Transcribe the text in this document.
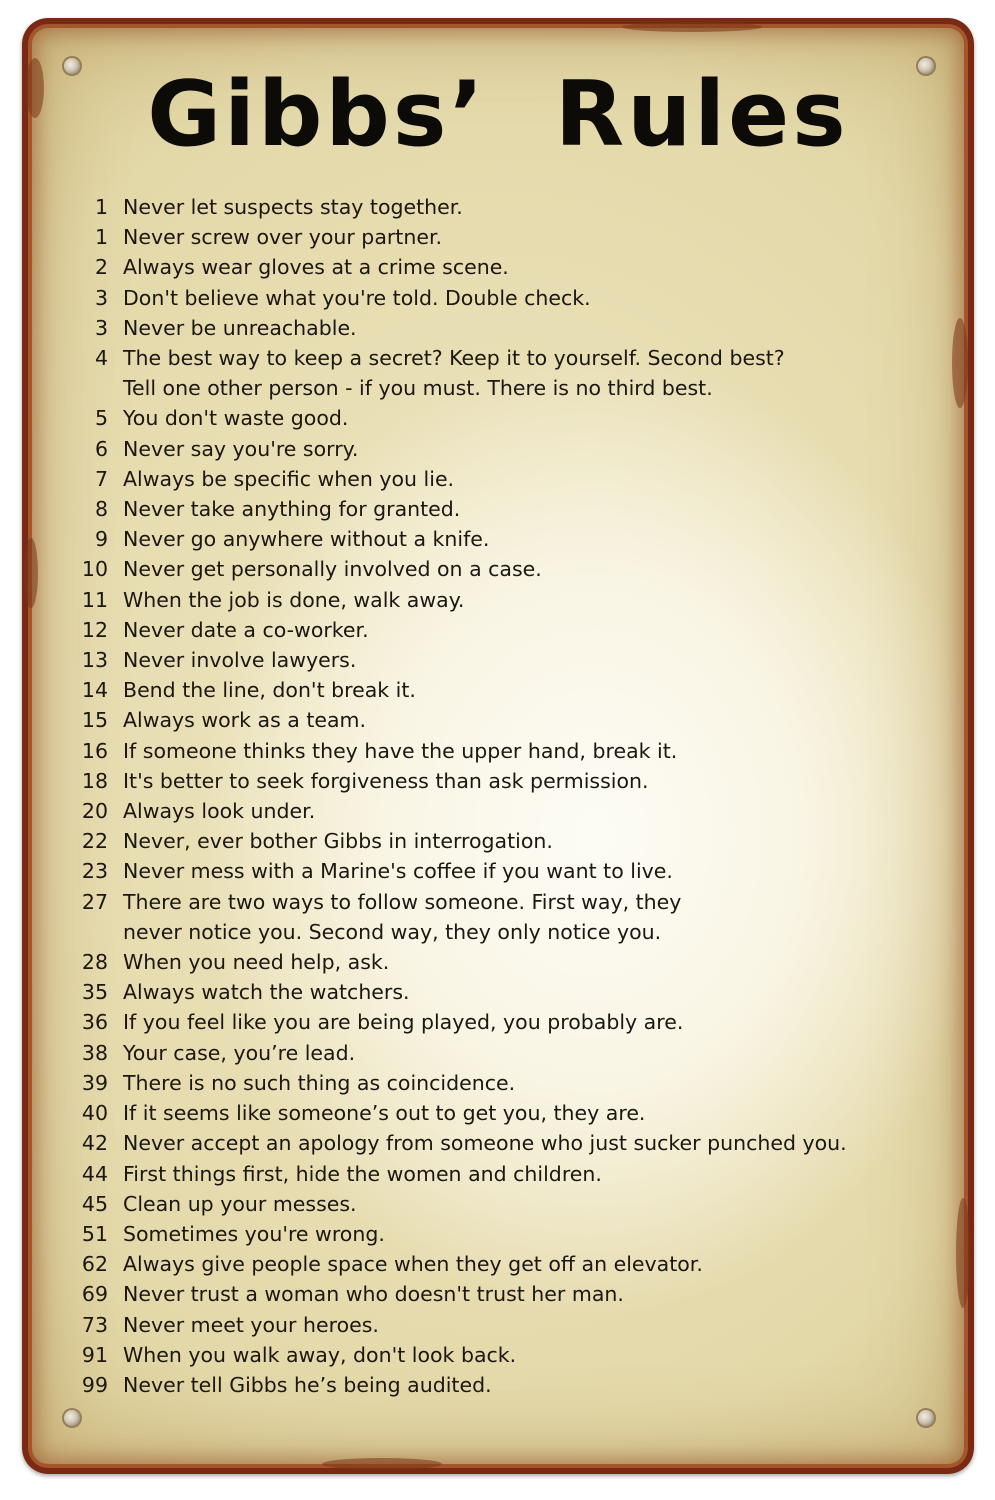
Gibbs’ Rules
1 Never let suspects stay together.
1 Never screw over your partner.
2 Always wear gloves at a crime scene.
3 Don't believe what you're told. Double check.
3 Never be unreachable.
4 The best way to keep a secret? Keep it to yourself. Second best?
Tell one other person - if you must. There is no third best.
5 You don't waste good.
6 Never say you're sorry.
7 Always be specific when you lie.
8 Never take anything for granted.
9 Never go anywhere without a knife.
10 Never get personally involved on a case.
11 When the job is done, walk away.
12 Never date a co-worker.
13 Never involve lawyers.
14 Bend the line, don't break it.
15 Always work as a team.
16 If someone thinks they have the upper hand, break it.
18 It's better to seek forgiveness than ask permission.
20 Always look under.
22 Never, ever bother Gibbs in interrogation.
23 Never mess with a Marine's coffee if you want to live.
27 There are two ways to follow someone. First way, they
never notice you. Second way, they only notice you.
28 When you need help, ask.
35 Always watch the watchers.
36 If you feel like you are being played, you probably are.
38 Your case, you’re lead.
39 There is no such thing as coincidence.
40 If it seems like someone’s out to get you, they are.
42 Never accept an apology from someone who just sucker punched you.
44 First things first, hide the women and children.
45 Clean up your messes.
51 Sometimes you're wrong.
62 Always give people space when they get off an elevator.
69 Never trust a woman who doesn't trust her man.
73 Never meet your heroes.
91 When you walk away, don't look back.
99 Never tell Gibbs he’s being audited.
